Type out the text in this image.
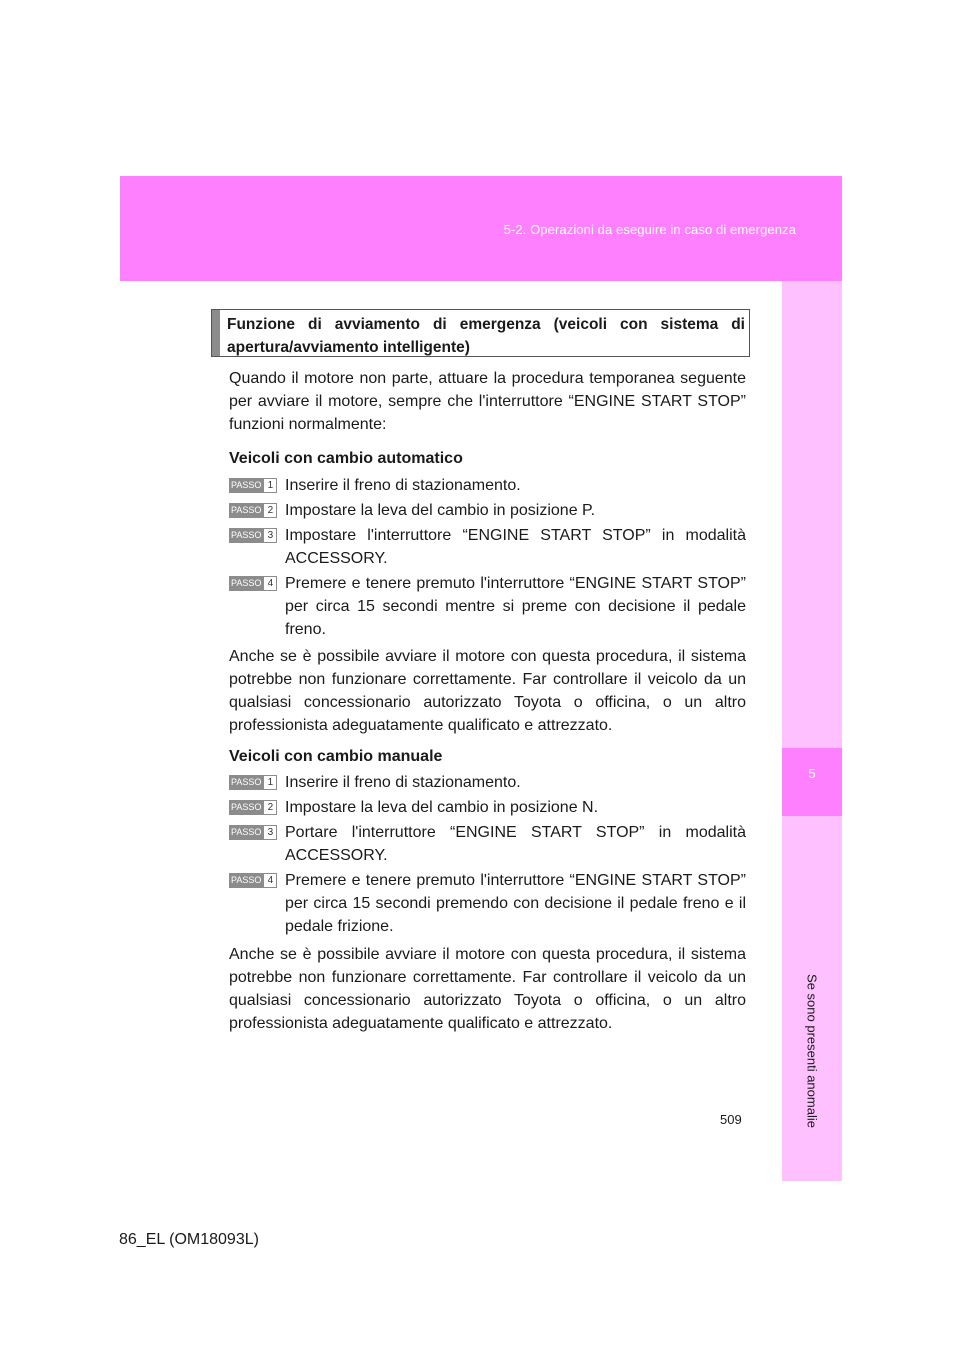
5-2. Operazioni da eseguire in caso di emergenza
5
Se sono presenti anomalie
Funzione di avviamento di emergenza (veicoli con sistema di apertura/avviamento intelligente)

Quando il motore non parte, attuare la procedura temporanea seguente per avviare il motore, sempre che l'interruttore “ENGINE START STOP” funzioni normalmente:

Veicoli con cambio automatico
PASSO 1 Inserire il freno di stazionamento.
PASSO 2 Impostare la leva del cambio in posizione P.
PASSO 3 Impostare l'interruttore “ENGINE START STOP” in modalità ACCESSORY.
PASSO 4 Premere e tenere premuto l'interruttore “ENGINE START STOP” per circa 15 secondi mentre si preme con decisione il pedale freno.

Anche se è possibile avviare il motore con questa procedura, il sistema potrebbe non funzionare correttamente. Far controllare il veicolo da un qualsiasi concessionario autorizzato Toyota o officina, o un altro professionista adeguatamente qualificato e attrezzato.

Veicoli con cambio manuale
PASSO 1 Inserire il freno di stazionamento.
PASSO 2 Impostare la leva del cambio in posizione N.
PASSO 3 Portare l'interruttore “ENGINE START STOP” in modalità ACCESSORY.
PASSO 4 Premere e tenere premuto l'interruttore “ENGINE START STOP” per circa 15 secondi premendo con decisione il pedale freno e il pedale frizione.

Anche se è possibile avviare il motore con questa procedura, il sistema potrebbe non funzionare correttamente. Far controllare il veicolo da un qualsiasi concessionario autorizzato Toyota o officina, o un altro professionista adeguatamente qualificato e attrezzato.

509
86_EL (OM18093L)
